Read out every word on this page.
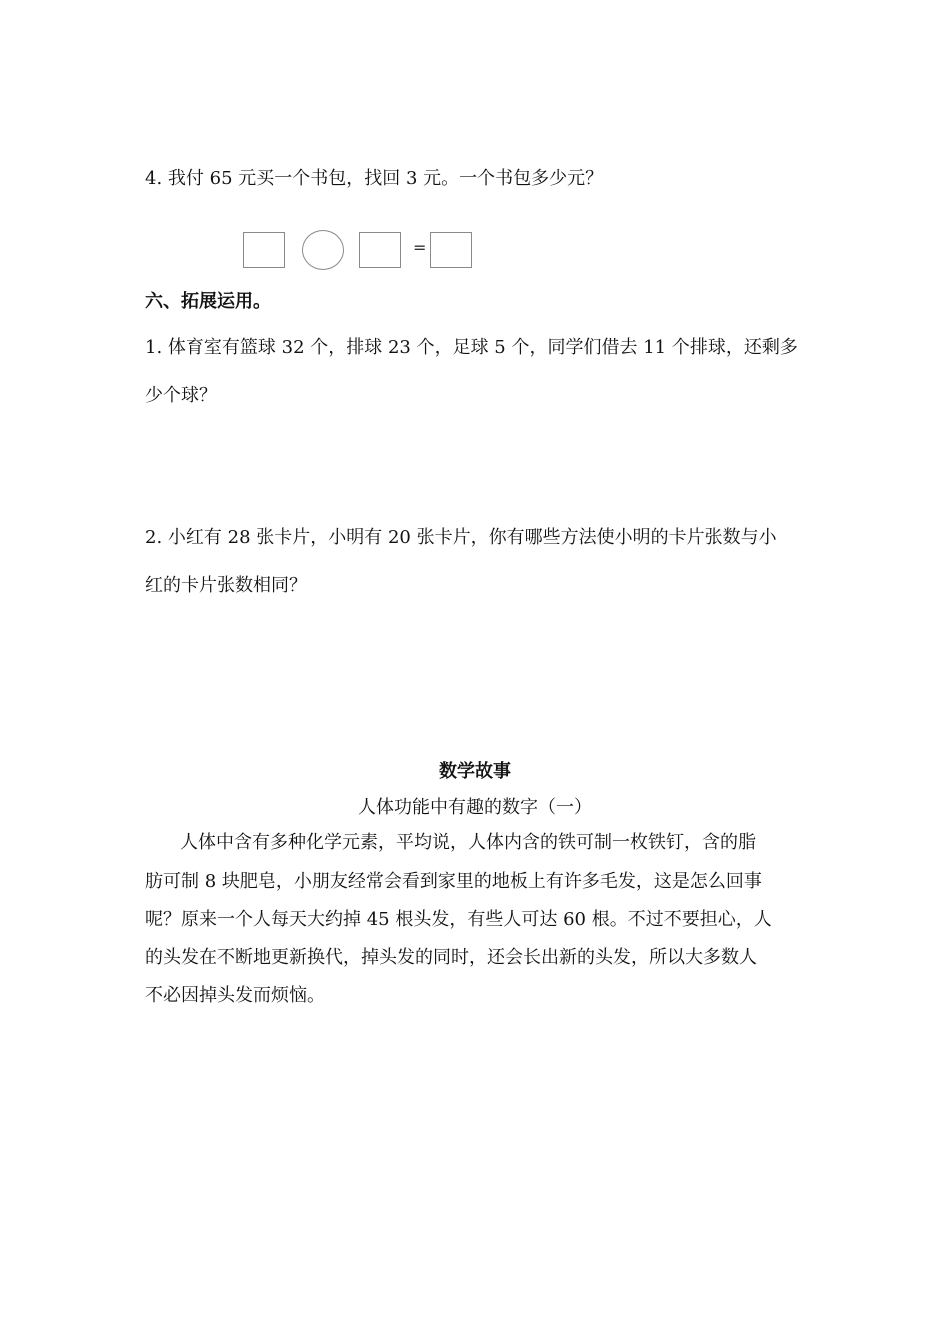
4. 我付 65 元买一个书包，找回 3 元。一个书包多少元？
=
六、拓展运用。
1. 体育室有篮球 32 个，排球 23 个，足球 5 个，同学们借去 11 个排球，还剩多
少个球？
2. 小红有 28 张卡片，小明有 20 张卡片，你有哪些方法使小明的卡片张数与小
红的卡片张数相同？
数学故事
人体功能中有趣的数字（一）
人体中含有多种化学元素，平均说，人体内含的铁可制一枚铁钉，含的脂
肪可制 8 块肥皂，小朋友经常会看到家里的地板上有许多毛发，这是怎么回事
呢？原来一个人每天大约掉 45 根头发，有些人可达 60 根。不过不要担心，人
的头发在不断地更新换代，掉头发的同时，还会长出新的头发，所以大多数人
不必因掉头发而烦恼。
